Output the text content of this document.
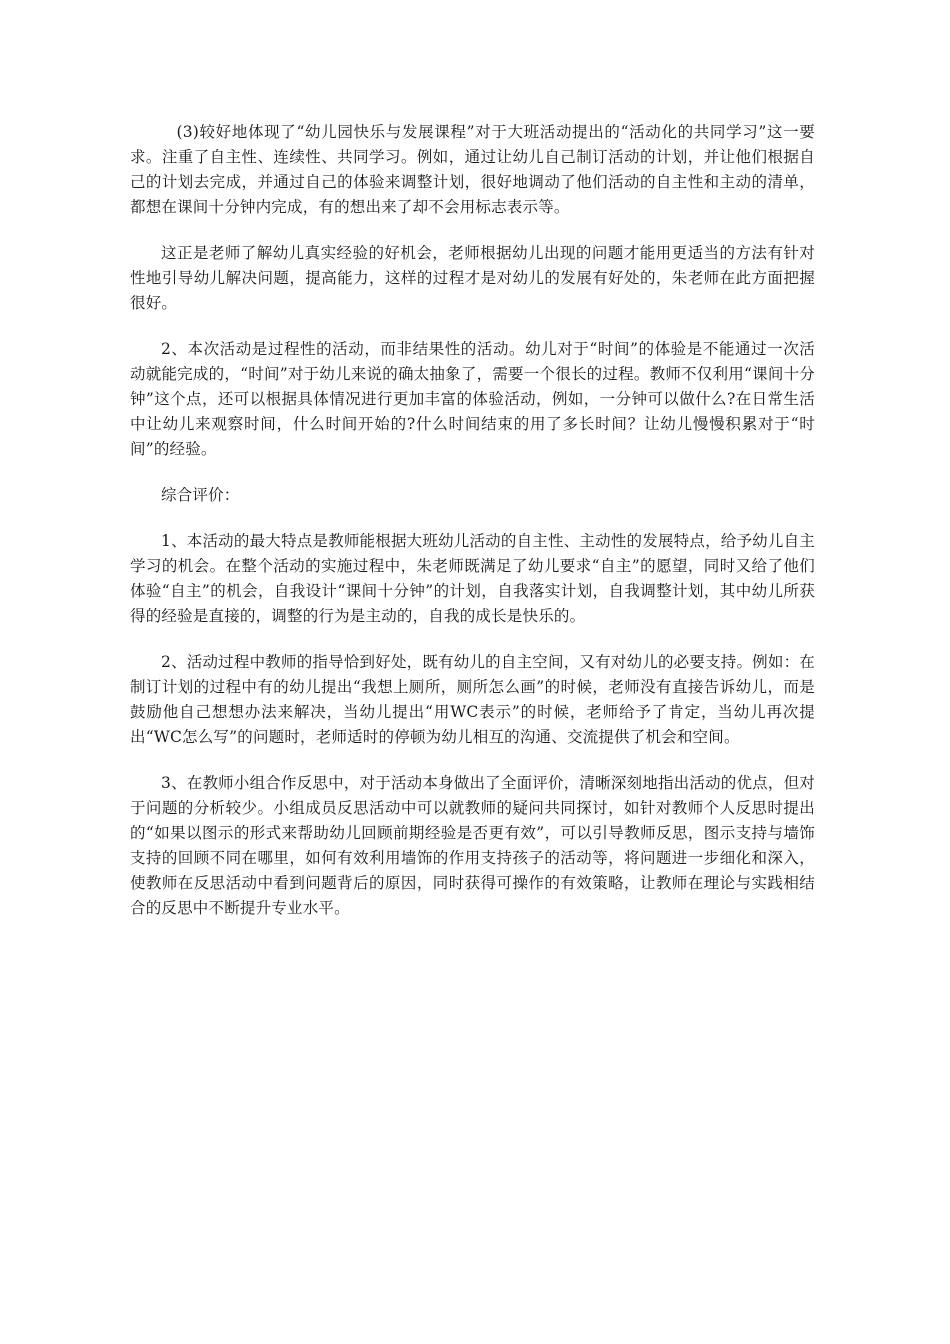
(3)较好地体现了“幼儿园快乐与发展课程”对于大班活动提出的“活动化的共同学习”这一要求。注重了自主性、连续性、共同学习。例如，通过让幼儿自己制订活动的计划，并让他们根据自己的计划去完成，并通过自己的体验来调整计划，很好地调动了他们活动的自主性和主动的清单，都想在课间十分钟内完成，有的想出来了却不会用标志表示等。

这正是老师了解幼儿真实经验的好机会，老师根据幼儿出现的问题才能用更适当的方法有针对性地引导幼儿解决问题，提高能力，这样的过程才是对幼儿的发展有好处的，朱老师在此方面把握很好。

2、本次活动是过程性的活动，而非结果性的活动。幼儿对于“时间”的体验是不能通过一次活动就能完成的，“时间”对于幼儿来说的确太抽象了，需要一个很长的过程。教师不仅利用“课间十分钟”这个点，还可以根据具体情况进行更加丰富的体验活动，例如，一分钟可以做什么?在日常生活中让幼儿来观察时间，什么时间开始的?什么时间结束的用了多长时间？让幼儿慢慢积累对于“时间”的经验。

综合评价：

1、本活动的最大特点是教师能根据大班幼儿活动的自主性、主动性的发展特点，给予幼儿自主学习的机会。在整个活动的实施过程中，朱老师既满足了幼儿要求“自主”的愿望，同时又给了他们体验“自主”的机会，自我设计“课间十分钟”的计划，自我落实计划，自我调整计划，其中幼儿所获得的经验是直接的，调整的行为是主动的，自我的成长是快乐的。

2、活动过程中教师的指导恰到好处，既有幼儿的自主空间，又有对幼儿的必要支持。例如：在制订计划的过程中有的幼儿提出“我想上厕所，厕所怎么画”的时候，老师没有直接告诉幼儿，而是鼓励他自己想想办法来解决，当幼儿提出“用WC表示”的时候，老师给予了肯定，当幼儿再次提出“WC怎么写”的问题时，老师适时的停顿为幼儿相互的沟通、交流提供了机会和空间。

3、在教师小组合作反思中，对于活动本身做出了全面评价，清晰深刻地指出活动的优点，但对于问题的分析较少。小组成员反思活动中可以就教师的疑问共同探讨，如针对教师个人反思时提出的“如果以图示的形式来帮助幼儿回顾前期经验是否更有效”，可以引导教师反思，图示支持与墙饰支持的回顾不同在哪里，如何有效利用墙饰的作用支持孩子的活动等，将问题进一步细化和深入，使教师在反思活动中看到问题背后的原因，同时获得可操作的有效策略，让教师在理论与实践相结合的反思中不断提升专业水平。
